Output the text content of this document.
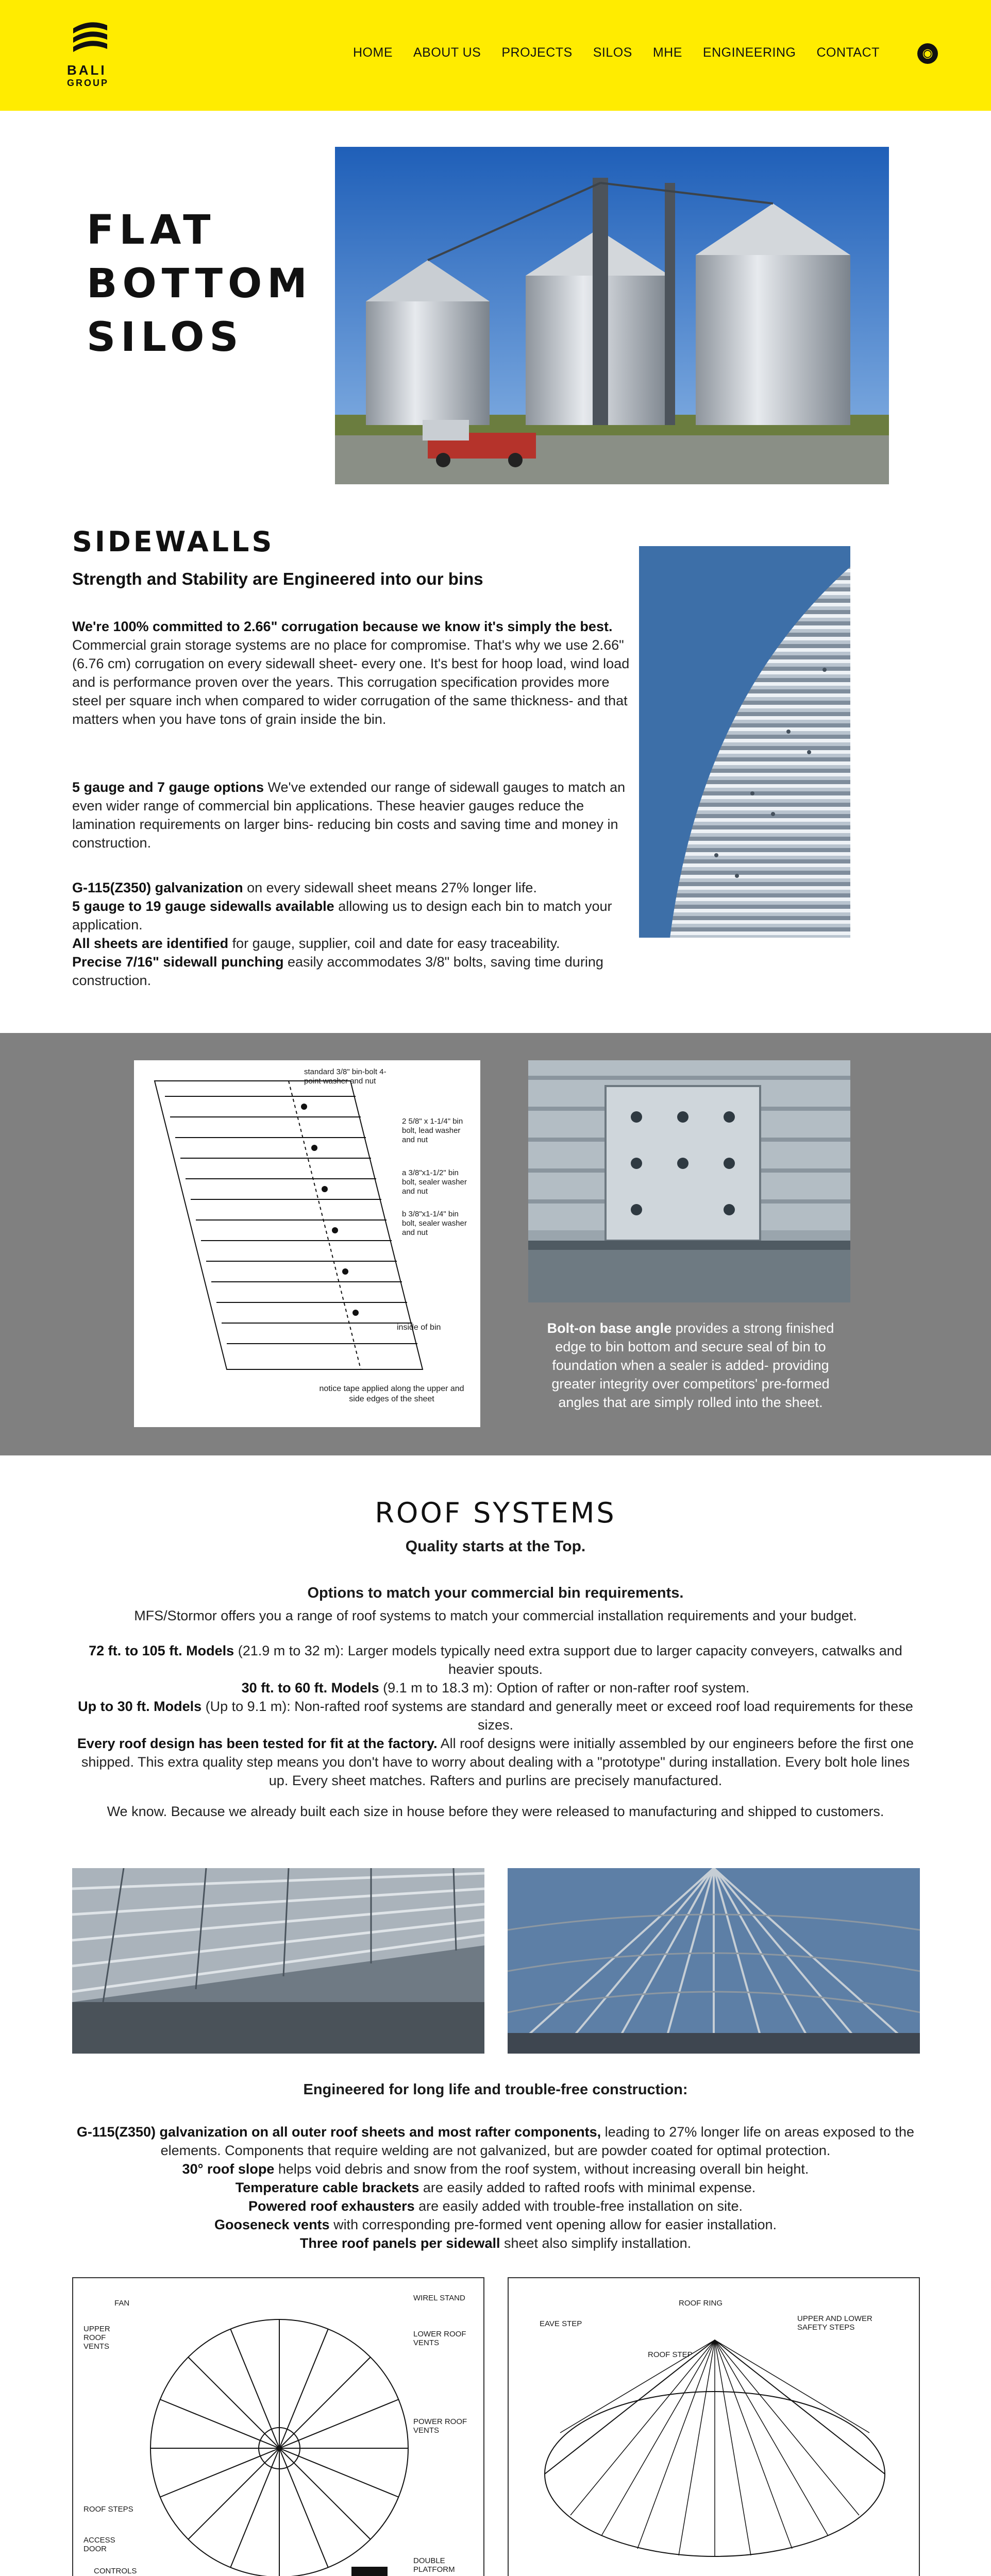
BALI
GROUP
HOME	ABOUT US	PROJECTS	SILOS	MHE	ENGINEERING	CONTACT	◉
FLAT
BOTTOM
SILOS
SIDEWALLS
Strength and Stability are Engineered into our bins
We're 100% committed to 2.66" corrugation because we know it's simply the best. Commercial grain storage systems are no place for compromise. That's why we use 2.66" (6.76 cm) corrugation on every sidewall sheet- every one. It's best for hoop load, wind load and is performance proven over the years. This corrugation specification provides more steel per square inch when compared to wider corrugation of the same thickness- and that matters when you have tons of grain inside the bin.
5 gauge and 7 gauge options We've extended our range of sidewall gauges to match an even wider range of commercial bin applications. These heavier gauges reduce the lamination requirements on larger bins- reducing bin costs and saving time and money in construction.
G-115(Z350) galvanization on every sidewall sheet means 27% longer life.
5 gauge to 19 gauge sidewalls available allowing us to design each bin to match your application.
All sheets are identified for gauge, supplier, coil and date for easy traceability.
Precise 7/16" sidewall punching easily accommodates 3/8" bolts, saving time during construction.
standard 3/8" bin-bolt 4-point washer and nut
2 5/8" x 1-1/4" bin bolt, lead washer and nut
a 3/8"x1-1/2" bin bolt, sealer washer and nut
b 3/8"x1-1/4" bin bolt, sealer washer and nut
inside of bin
notice tape applied along the upper and side edges of the sheet
Bolt-on base angle provides a strong finished edge to bin bottom and secure seal of bin to foundation when a sealer is added- providing greater integrity over competitors' pre-formed angles that are simply rolled into the sheet.
ROOF SYSTEMS
Quality starts at the Top.
Options to match your commercial bin requirements.
MFS/Stormor offers you a range of roof systems to match your commercial installation requirements and your budget.
72 ft. to 105 ft. Models (21.9 m to 32 m): Larger models typically need extra support due to larger capacity conveyers, catwalks and heavier spouts.
30 ft. to 60 ft. Models (9.1 m to 18.3 m): Option of rafter or non-rafter roof system.
Up to 30 ft. Models (Up to 9.1 m): Non-rafted roof systems are standard and generally meet or exceed roof load requirements for these sizes.
Every roof design has been tested for fit at the factory. All roof designs were initially assembled by our engineers before the first one shipped. This extra quality step means you don't have to worry about dealing with a "prototype" during installation. Every bolt hole lines up. Every sheet matches. Rafters and purlins are precisely manufactured.
We know. Because we already built each size in house before they were released to manufacturing and shipped to customers.
Engineered for long life and trouble-free construction:
G-115(Z350) galvanization on all outer roof sheets and most rafter components, leading to 27% longer life on areas exposed to the elements. Components that require welding are not galvanized, but are powder coated for optimal protection.
30° roof slope helps void debris and snow from the roof system, without increasing overall bin height.
Temperature cable brackets are easily added to rafted roofs with minimal expense.
Powered roof exhausters are easily added with trouble-free installation on site.
Gooseneck vents with corresponding pre-formed vent opening allow for easier installation.
Three roof panels per sidewall sheet also simplify installation.
FAN
UPPER ROOF VENTS
LOWER ROOF VENTS
POWER ROOF VENTS
ROOF STEPS
ACCESS DOOR
CONTROLS
DOUBLE PLATFORM
WIREL STAND
EAVE STEP
ROOF RING
ROOF STEP
UPPER AND LOWER SAFETY STEPS
